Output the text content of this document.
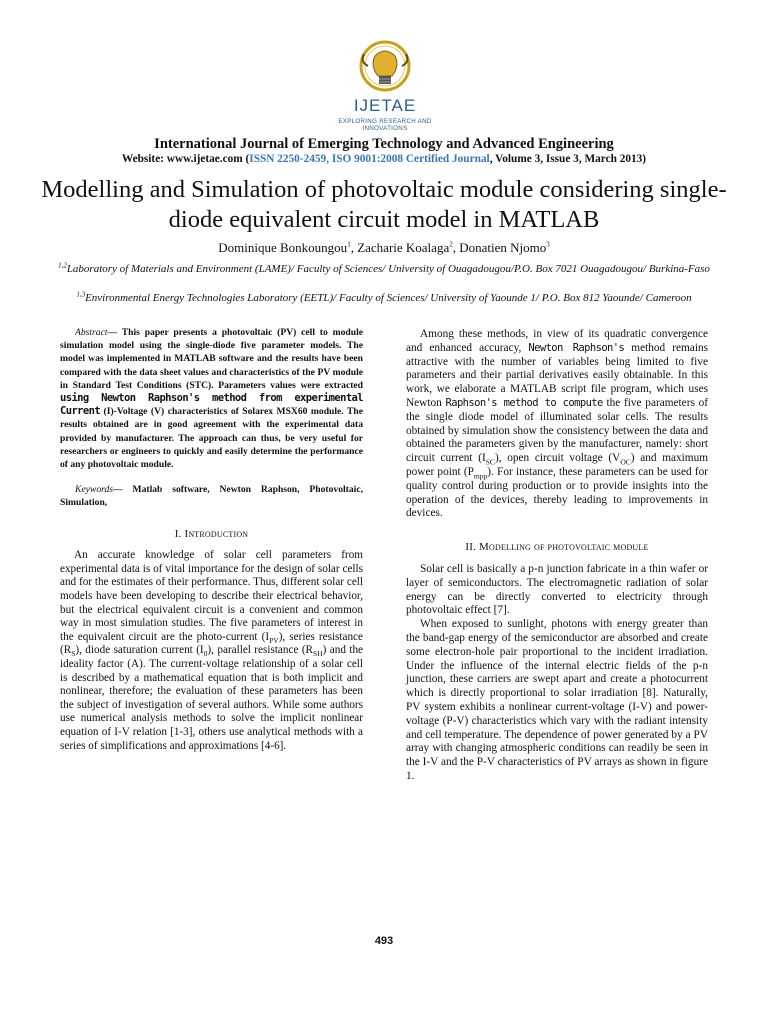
IJETAE
EXPLORING RESEARCH AND INNOVATIONS
International Journal of Emerging Technology and Advanced Engineering
Website: www.ijetae.com (ISSN 2250-2459, ISO 9001:2008 Certified Journal, Volume 3, Issue 3, March 2013)
Modelling and Simulation of photovoltaic module considering single-diode equivalent circuit model in MATLAB
Dominique Bonkoungou$^1$, Zacharie Koalaga$^2$, Donatien Njomo$^3$
$^{1,2}$Laboratory of Materials and Environment (LAME)/ Faculty of Sciences/ University of Ouagadougou/P.O. Box 7021 Ouagadougou/ Burkina-Faso
$^{1,3}$Environmental Energy Technologies Laboratory (EETL)/ Faculty of Sciences/ University of Yaounde 1/ P.O. Box 812 Yaounde/ Cameroon

Abstract— This paper presents a photovoltaic (PV) cell to module simulation model using the single-diode five parameter models. The model was implemented in MATLAB software and the results have been compared with the data sheet values and characteristics of the PV module in Standard Test Conditions (STC). Parameters values were extracted using Newton Raphson's method from experimental Current (I)-Voltage (V) characteristics of Solarex MSX60 module. The results obtained are in good agreement with the experimental data provided by manufacturer. The approach can thus, be very useful for researchers or engineers to quickly and easily determine the performance of any photovoltaic module.

Keywords— Matlab software, Newton Raphson, Photovoltaic, Simulation,

I. Introduction

An accurate knowledge of solar cell parameters from experimental data is of vital importance for the design of solar cells and for the estimates of their performance. Thus, different solar cell models have been developing to describe their electrical behavior, but the electrical equivalent circuit is a convenient and common way in most simulation studies. The five parameters of interest in the equivalent circuit are the photo-current $(I_{PV})$, series resistance $(R_S)$, diode saturation current $(I_0)$, parallel resistance $(R_{SH})$ and the ideality factor (A). The current-voltage relationship of a solar cell is described by a mathematical equation that is both implicit and nonlinear, therefore; the evaluation of these parameters has been the subject of investigation of several authors. While some authors use numerical analysis methods to solve the implicit nonlinear equation of I-V relation [1-3], others use analytical methods with a series of simplifications and approximations [4-6].

Among these methods, in view of its quadratic convergence and enhanced accuracy, Newton Raphson's method remains attractive with the number of variables being limited to five parameters and their partial derivatives easily obtainable. In this work, we elaborate a MATLAB script file program, which uses Newton Raphson's method to compute the five parameters of the single diode model of illuminated solar cells. The results obtained by simulation show the consistency between the data and obtained the parameters given by the manufacturer, namely: short circuit current $(I_{SC})$, open circuit voltage $(V_{OC})$ and maximum power point $(P_{mpp})$. For instance, these parameters can be used for quality control during production or to provide insights into the operation of the devices, thereby leading to improvements in devices.

II. Modelling of photovoltaic module

Solar cell is basically a p-n junction fabricate in a thin wafer or layer of semiconductors. The electromagnetic radiation of solar energy can be directly converted to electricity through photovoltaic effect [7].

When exposed to sunlight, photons with energy greater than the band-gap energy of the semiconductor are absorbed and create some electron-hole pair proportional to the incident irradiation. Under the influence of the internal electric fields of the p-n junction, these carriers are swept apart and create a photocurrent which is directly proportional to solar irradiation [8]. Naturally, PV system exhibits a nonlinear current-voltage (I-V) and power-voltage (P-V) characteristics which vary with the radiant intensity and cell temperature. The dependence of power generated by a PV array with changing atmospheric conditions can readily be seen in the I-V and the P-V characteristics of PV arrays as shown in figure 1.

493
